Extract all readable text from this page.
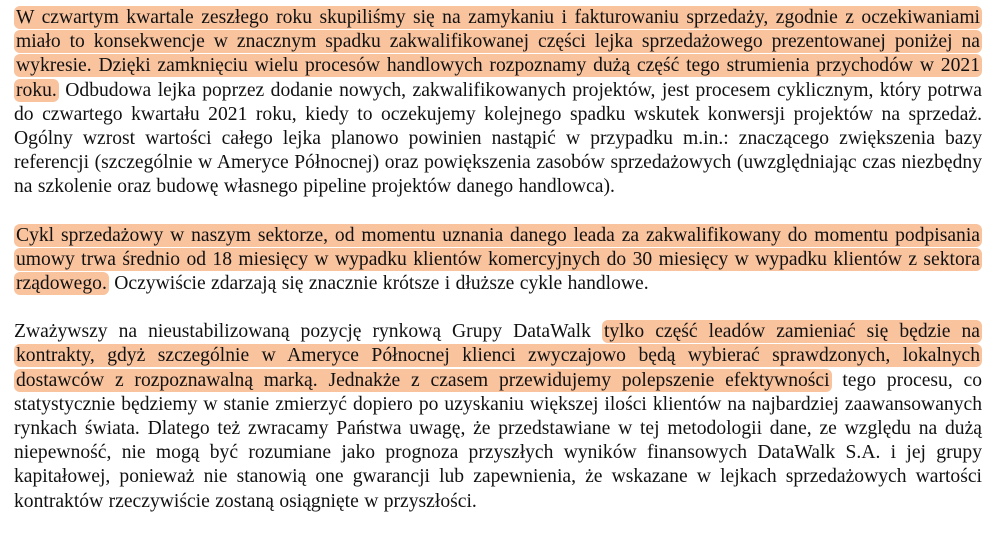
W czwartym kwartale zeszłego roku skupiliśmy się na zamykaniu i fakturowaniu sprzedaży, zgodnie z oczekiwaniami miało to konsekwencje w znacznym spadku zakwalifikowanej części lejka sprzedażowego prezentowanej poniżej na wykresie. Dzięki zamknięciu wielu procesów handlowych rozpoznamy dużą część tego strumienia przychodów w 2021 roku. Odbudowa lejka poprzez dodanie nowych, zakwalifikowanych projektów, jest procesem cyklicznym, który potrwa do czwartego kwartału 2021 roku, kiedy to oczekujemy kolejnego spadku wskutek konwersji projektów na sprzedaż. Ogólny wzrost wartości całego lejka planowo powinien nastąpić w przypadku m.in.: znaczącego zwiększenia bazy referencji (szczególnie w Ameryce Północnej) oraz powiększenia zasobów sprzedażowych (uwzględniając czas niezbędny na szkolenie oraz budowę własnego pipeline projektów danego handlowca).

Cykl sprzedażowy w naszym sektorze, od momentu uznania danego leada za zakwalifikowany do momentu podpisania umowy trwa średnio od 18 miesięcy w wypadku klientów komercyjnych do 30 miesięcy w wypadku klientów z sektora rządowego. Oczywiście zdarzają się znacznie krótsze i dłuższe cykle handlowe.

Zważywszy na nieustabilizowaną pozycję rynkową Grupy DataWalk tylko część leadów zamieniać się będzie na kontrakty, gdyż szczególnie w Ameryce Północnej klienci zwyczajowo będą wybierać sprawdzonych, lokalnych dostawców z rozpoznawalną marką. Jednakże z czasem przewidujemy polepszenie efektywności tego procesu, co statystycznie będziemy w stanie zmierzyć dopiero po uzyskaniu większej ilości klientów na najbardziej zaawansowanych rynkach świata. Dlatego też zwracamy Państwa uwagę, że przedstawiane w tej metodologii dane, ze względu na dużą niepewność, nie mogą być rozumiane jako prognoza przyszłych wyników finansowych DataWalk S.A. i jej grupy kapitałowej, ponieważ nie stanowią one gwarancji lub zapewnienia, że wskazane w lejkach sprzedażowych wartości kontraktów rzeczywiście zostaną osiągnięte w przyszłości.
